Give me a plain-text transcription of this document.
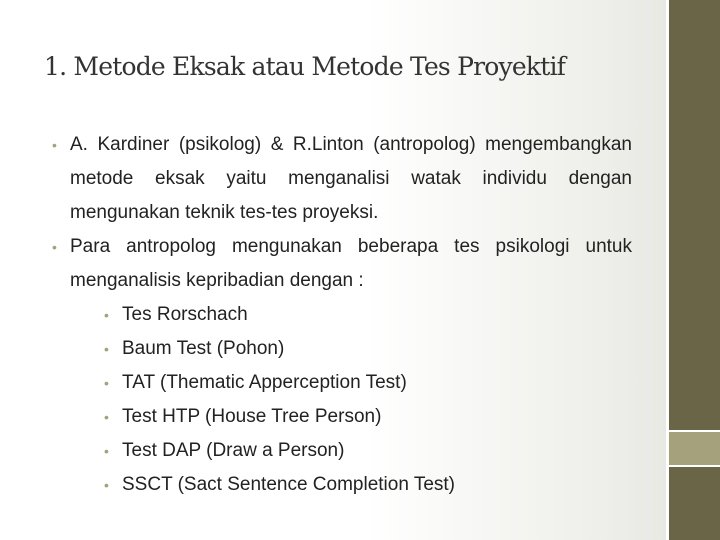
1. Metode Eksak atau Metode Tes Proyektif
• A. Kardiner (psikolog) & R.Linton (antropolog) mengembangkan metode eksak yaitu menganalisi watak individu dengan mengunakan teknik tes-tes proyeksi.
• Para antropolog mengunakan beberapa tes psikologi untuk menganalisis kepribadian dengan :
• Tes Rorschach
• Baum Test (Pohon)
• TAT (Thematic Apperception Test)
• Test HTP (House Tree Person)
• Test DAP (Draw a Person)
• SSCT (Sact Sentence Completion Test)
